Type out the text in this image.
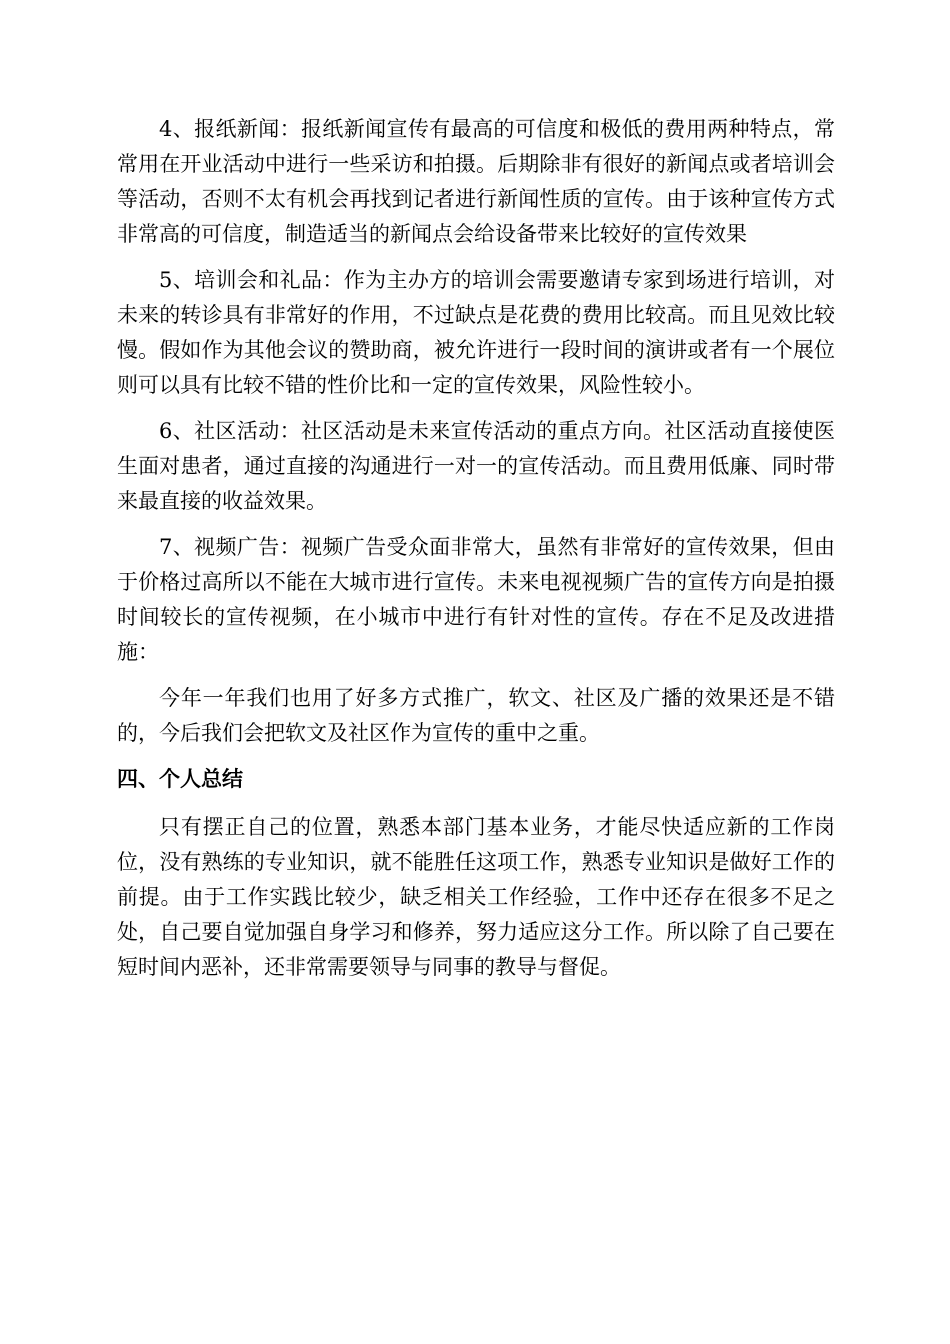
4、报纸新闻：报纸新闻宣传有最高的可信度和极低的费用两种特点，常常用在开业活动中进行一些采访和拍摄。后期除非有很好的新闻点或者培训会等活动，否则不太有机会再找到记者进行新闻性质的宣传。由于该种宣传方式非常高的可信度，制造适当的新闻点会给设备带来比较好的宣传效果

5、培训会和礼品：作为主办方的培训会需要邀请专家到场进行培训，对未来的转诊具有非常好的作用，不过缺点是花费的费用比较高。而且见效比较慢。假如作为其他会议的赞助商，被允许进行一段时间的演讲或者有一个展位则可以具有比较不错的性价比和一定的宣传效果，风险性较小。

6、社区活动：社区活动是未来宣传活动的重点方向。社区活动直接使医生面对患者，通过直接的沟通进行一对一的宣传活动。而且费用低廉、同时带来最直接的收益效果。

7、视频广告：视频广告受众面非常大，虽然有非常好的宣传效果，但由于价格过高所以不能在大城市进行宣传。未来电视视频广告的宣传方向是拍摄时间较长的宣传视频，在小城市中进行有针对性的宣传。存在不足及改进措施：

今年一年我们也用了好多方式推广，软文、社区及广播的效果还是不错的，今后我们会把软文及社区作为宣传的重中之重。

四、个人总结

只有摆正自己的位置，熟悉本部门基本业务，才能尽快适应新的工作岗位，没有熟练的专业知识，就不能胜任这项工作，熟悉专业知识是做好工作的前提。由于工作实践比较少，缺乏相关工作经验，工作中还存在很多不足之处，自己要自觉加强自身学习和修养，努力适应这分工作。所以除了自己要在短时间内恶补，还非常需要领导与同事的教导与督促。
